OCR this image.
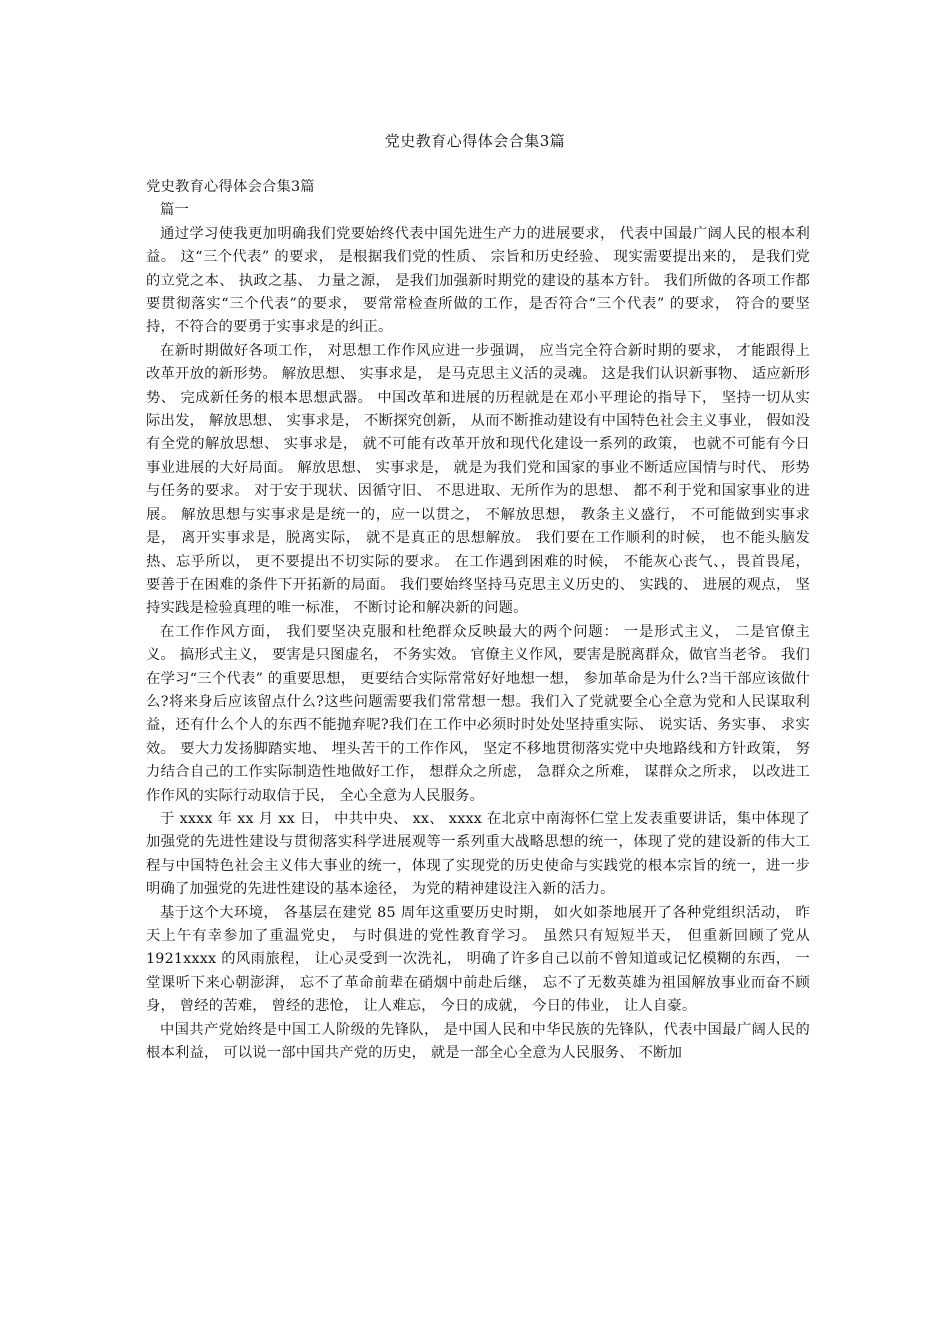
党史教育心得体会合集3篇

党史教育心得体会合集3篇

篇一

通过学习使我更加明确我们党要始终代表中国先进生产力的进展要求， 代表中国最广阔人民的根本利益。 这“三个代表” 的要求， 是根据我们党的性质、 宗旨和历史经验、 现实需要提出来的， 是我们党的立党之本、 执政之基、 力量之源， 是我们加强新时期党的建设的基本方针。 我们所做的各项工作都要贯彻落实“三个代表”的要求， 要常常检查所做的工作，是否符合“三个代表” 的要求， 符合的要坚持，不符合的要勇于实事求是的纠正。

在新时期做好各项工作， 对思想工作作风应进一步强调， 应当完全符合新时期的要求， 才能跟得上改革开放的新形势。 解放思想、 实事求是， 是马克思主义活的灵魂。 这是我们认识新事物、 适应新形势、 完成新任务的根本思想武器。 中国改革和进展的历程就是在邓小平理论的指导下， 坚持一切从实际出发， 解放思想、 实事求是， 不断探究创新， 从而不断推动建设有中国特色社会主义事业， 假如没有全党的解放思想、 实事求是， 就不可能有改革开放和现代化建设一系列的政策， 也就不可能有今日事业进展的大好局面。 解放思想、 实事求是， 就是为我们党和国家的事业不断适应国情与时代、 形势与任务的要求。 对于安于现状、因循守旧、 不思进取、无所作为的思想、 都不利于党和国家事业的进展。 解放思想与实事求是是统一的，应一以贯之， 不解放思想， 教条主义盛行， 不可能做到实事求是， 离开实事求是，脱离实际， 就不是真正的思想解放。 我们要在工作顺利的时候， 也不能头脑发热、忘乎所以， 更不要提出不切实际的要求。 在工作遇到困难的时候， 不能灰心丧气、，畏首畏尾， 要善于在困难的条件下开拓新的局面。 我们要始终坚持马克思主义历史的、 实践的、 进展的观点， 坚持实践是检验真理的唯一标准， 不断讨论和解决新的问题。

在工作作风方面， 我们要坚决克服和杜绝群众反映最大的两个问题： 一是形式主义， 二是官僚主义。 搞形式主义， 要害是只图虚名， 不务实效。 官僚主义作风，要害是脱离群众，做官当老爷。 我们在学习“三个代表” 的重要思想， 更要结合实际常常好好地想一想， 参加革命是为什么?当干部应该做什么?将来身后应该留点什么?这些问题需要我们常常想一想。我们入了党就要全心全意为党和人民谋取利益，还有什么个人的东西不能抛弃呢?我们在工作中必须时时处处坚持重实际、 说实话、务实事、 求实效。 要大力发扬脚踏实地、 埋头苦干的工作作风， 坚定不移地贯彻落实党中央地路线和方针政策， 努力结合自己的工作实际制造性地做好工作， 想群众之所虑， 急群众之所难， 谋群众之所求， 以改进工作作风的实际行动取信于民， 全心全意为人民服务。

于 xxxx 年 xx 月 xx 日， 中共中央、 xx、 xxxx 在北京中南海怀仁堂上发表重要讲话，集中体现了加强党的先进性建设与贯彻落实科学进展观等一系列重大战略思想的统一，体现了党的建设新的伟大工程与中国特色社会主义伟大事业的统一，体现了实现党的历史使命与实践党的根本宗旨的统一，进一步明确了加强党的先进性建设的基本途径， 为党的精神建设注入新的活力。

基于这个大环境， 各基层在建党 85 周年这重要历史时期， 如火如荼地展开了各种党组织活动， 昨天上午有幸参加了重温党史， 与时俱进的党性教育学习。 虽然只有短短半天， 但重新回顾了党从 1921xxxx 的风雨旅程， 让心灵受到一次洗礼， 明确了许多自己以前不曾知道或记忆模糊的东西， 一堂课听下来心朝澎湃， 忘不了革命前辈在硝烟中前赴后继， 忘不了无数英雄为祖国解放事业而奋不顾身， 曾经的苦难， 曾经的悲怆， 让人难忘， 今日的成就， 今日的伟业， 让人自豪。

中国共产党始终是中国工人阶级的先锋队， 是中国人民和中华民族的先锋队，代表中国最广阔人民的根本利益， 可以说一部中国共产党的历史， 就是一部全心全意为人民服务、 不断加
